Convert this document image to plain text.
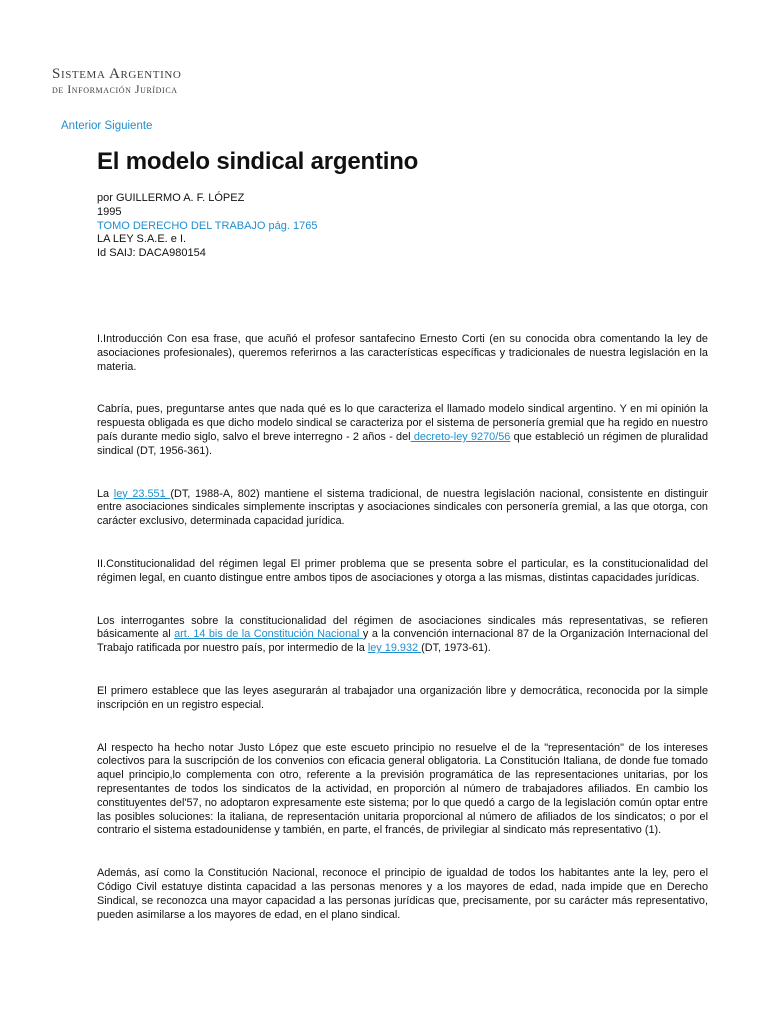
Sistema Argentino
de Información Jurídica
Anterior Siguiente
El modelo sindical argentino
por GUILLERMO A. F. LÓPEZ
1995
TOMO DERECHO DEL TRABAJO pág. 1765
LA LEY S.A.E. e I.
Id SAIJ: DACA980154

I.Introducción Con esa frase, que acuñó el profesor santafecino Ernesto Corti (en su conocida obra comentando la ley de asociaciones profesionales), queremos referirnos a las características específicas y tradicionales de nuestra legislación en la materia.

Cabría, pues, preguntarse antes que nada qué es lo que caracteriza el llamado modelo sindical argentino. Y en mi opinión la respuesta obligada es que dicho modelo sindical se caracteriza por el sistema de personería gremial que ha regido en nuestro país durante medio siglo, salvo el breve interregno - 2 años - del decreto-ley 9270/56 que estableció un régimen de pluralidad sindical (DT, 1956-361).

La ley 23.551 (DT, 1988-A, 802) mantiene el sistema tradicional, de nuestra legislación nacional, consistente en distinguir entre asociaciones sindicales simplemente inscriptas y asociaciones sindicales con personería gremial, a las que otorga, con carácter exclusivo, determinada capacidad jurídica.

II.Constitucionalidad del régimen legal El primer problema que se presenta sobre el particular, es la constitucionalidad del régimen legal, en cuanto distingue entre ambos tipos de asociaciones y otorga a las mismas, distintas capacidades jurídicas.

Los interrogantes sobre la constitucionalidad del régimen de asociaciones sindicales más representativas, se refieren básicamente al art. 14 bis de la Constitución Nacional y a la convención internacional 87 de la Organización Internacional del Trabajo ratificada por nuestro país, por intermedio de la ley 19.932 (DT, 1973-61).

El primero establece que las leyes asegurarán al trabajador una organización libre y democrática, reconocida por la simple inscripción en un registro especial.

Al respecto ha hecho notar Justo López que este escueto principio no resuelve el de la "representación" de los intereses colectivos para la suscripción de los convenios con eficacia general obligatoria. La Constitución Italiana, de donde fue tomado aquel principio,lo complementa con otro, referente a la previsión programática de las representaciones unitarias, por los representantes de todos los sindicatos de la actividad, en proporción al número de trabajadores afiliados. En cambio los constituyentes del'57, no adoptaron expresamente este sistema; por lo que quedó a cargo de la legislación común optar entre las posibles soluciones: la italiana, de representación unitaria proporcional al número de afiliados de los sindicatos; o por el contrario el sistema estadounidense y también, en parte, el francés, de privilegiar al sindicato más representativo (1).

Además, así como la Constitución Nacional, reconoce el principio de igualdad de todos los habitantes ante la ley, pero el Código Civil estatuye distinta capacidad a las personas menores y a los mayores de edad, nada impide que en Derecho Sindical, se reconozca una mayor capacidad a las personas jurídicas que, precisamente, por su carácter más representativo, pueden asimilarse a los mayores de edad, en el plano sindical.
